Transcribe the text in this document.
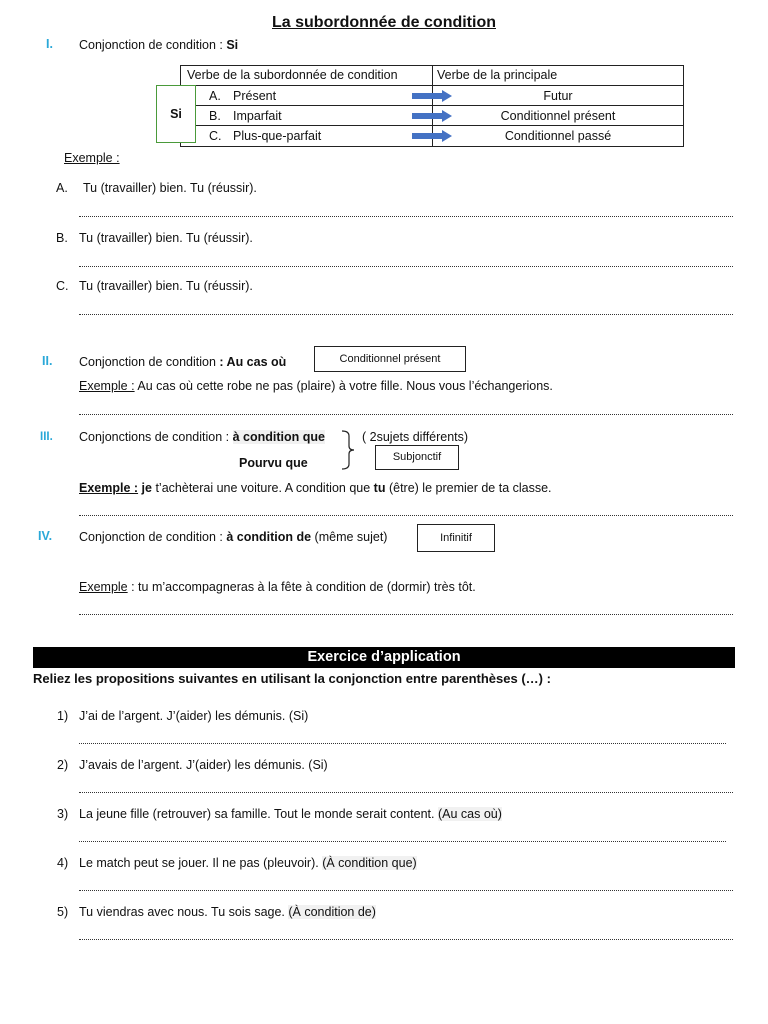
La subordonnée de condition
I. Conjonction de condition : Si
Verbe de la subordonnée de condition	Verbe de la principale
A. Présent	Futur
B. Imparfait	Conditionnel présent
C. Plus-que-parfait	Conditionnel passé
Si
Exemple :
A. Tu (travailler) bien. Tu (réussir).
B. Tu (travailler) bien. Tu (réussir).
C. Tu (travailler) bien. Tu (réussir).
II. Conjonction de condition : Au cas où	Conditionnel présent
Exemple : Au cas où cette robe ne pas (plaire) à votre fille. Nous vous l’échangerions.
III. Conjonctions de condition : à condition que
Pourvu que
( 2sujets différents)
Subjonctif
Exemple : je t’achèterai une voiture. A condition que tu (être) le premier de ta classe.
IV. Conjonction de condition : à condition de (même sujet)	Infinitif
Exemple : tu m’accompagneras à la fête à condition de (dormir) très tôt.
Exercice d’application
Reliez les propositions suivantes en utilisant la conjonction entre parenthèses (…) :
1) J’ai de l’argent. J’(aider) les démunis. (Si)
2) J’avais de l’argent. J’(aider) les démunis. (Si)
3) La jeune fille (retrouver) sa famille. Tout le monde serait content. (Au cas où)
4) Le match peut se jouer. Il ne pas (pleuvoir). (À condition que)
5) Tu viendras avec nous. Tu sois sage. (À condition de)
